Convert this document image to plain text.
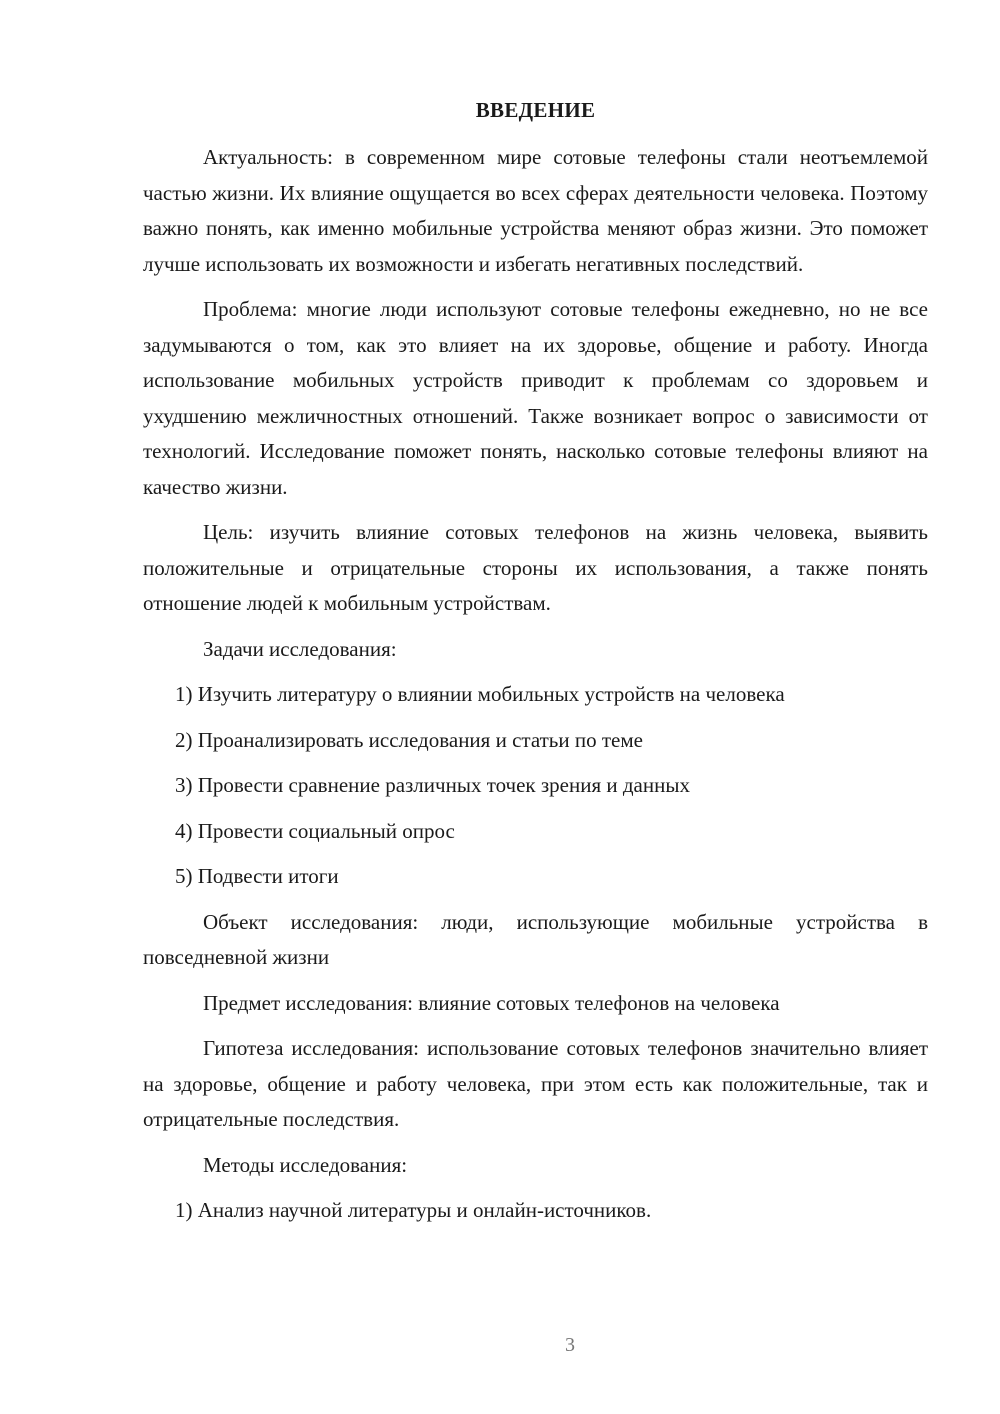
ВВЕДЕНИЕ

Актуальность: в современном мире сотовые телефоны стали неотъемлемой частью жизни. Их влияние ощущается во всех сферах деятельности человека. Поэтому важно понять, как именно мобильные устройства меняют образ жизни. Это поможет лучше использовать их возможности и избегать негативных последствий.

Проблема: многие люди используют сотовые телефоны ежедневно, но не все задумываются о том, как это влияет на их здоровье, общение и работу. Иногда использование мобильных устройств приводит к проблемам со здоровьем и ухудшению межличностных отношений. Также возникает вопрос о зависимости от технологий. Исследование поможет понять, насколько сотовые телефоны влияют на качество жизни.

Цель: изучить влияние сотовых телефонов на жизнь человека, выявить положительные и отрицательные стороны их использования, а также понять отношение людей к мобильным устройствам.

Задачи исследования:

1) Изучить литературу о влиянии мобильных устройств на человека
2) Проанализировать исследования и статьи по теме
3) Провести сравнение различных точек зрения и данных
4) Провести социальный опрос
5) Подвести итоги

Объект исследования: люди, использующие мобильные устройства в повседневной жизни

Предмет исследования: влияние сотовых телефонов на человека

Гипотеза исследования: использование сотовых телефонов значительно влияет на здоровье, общение и работу человека, при этом есть как положительные, так и отрицательные последствия.

Методы исследования:

1) Анализ научной литературы и онлайн-источников.
3
